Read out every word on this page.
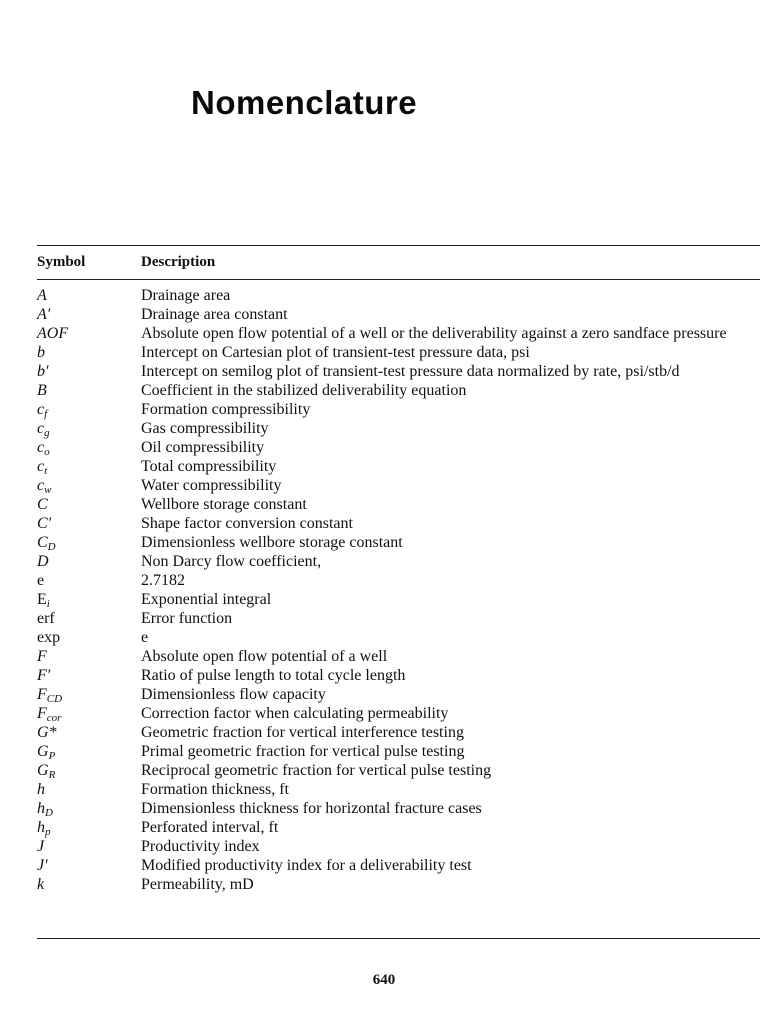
Nomenclature
Symbol	Description
A	Drainage area
A′	Drainage area constant
AOF	Absolute open flow potential of a well or the deliverability against a zero sandface pressure
b	Intercept on Cartesian plot of transient-test pressure data, psi
b′	Intercept on semilog plot of transient-test pressure data normalized by rate, psi/stb/d
B	Coefficient in the stabilized deliverability equation
$c_f$	Formation compressibility
$c_g$	Gas compressibility
$c_o$	Oil compressibility
$c_t$	Total compressibility
$c_w$	Water compressibility
C	Wellbore storage constant
C′	Shape factor conversion constant
$C_D$	Dimensionless wellbore storage constant
D	Non Darcy flow coefficient,
e	2.7182
$E_i$	Exponential integral
erf	Error function
exp	e
F	Absolute open flow potential of a well
F′	Ratio of pulse length to total cycle length
$F_{CD}$	Dimensionless flow capacity
$F_{cor}$	Correction factor when calculating permeability
G*	Geometric fraction for vertical interference testing
$G_P$	Primal geometric fraction for vertical pulse testing
$G_R$	Reciprocal geometric fraction for vertical pulse testing
h	Formation thickness, ft
$h_D$	Dimensionless thickness for horizontal fracture cases
$h_p$	Perforated interval, ft
J	Productivity index
J′	Modified productivity index for a deliverability test
k	Permeability, mD
640
